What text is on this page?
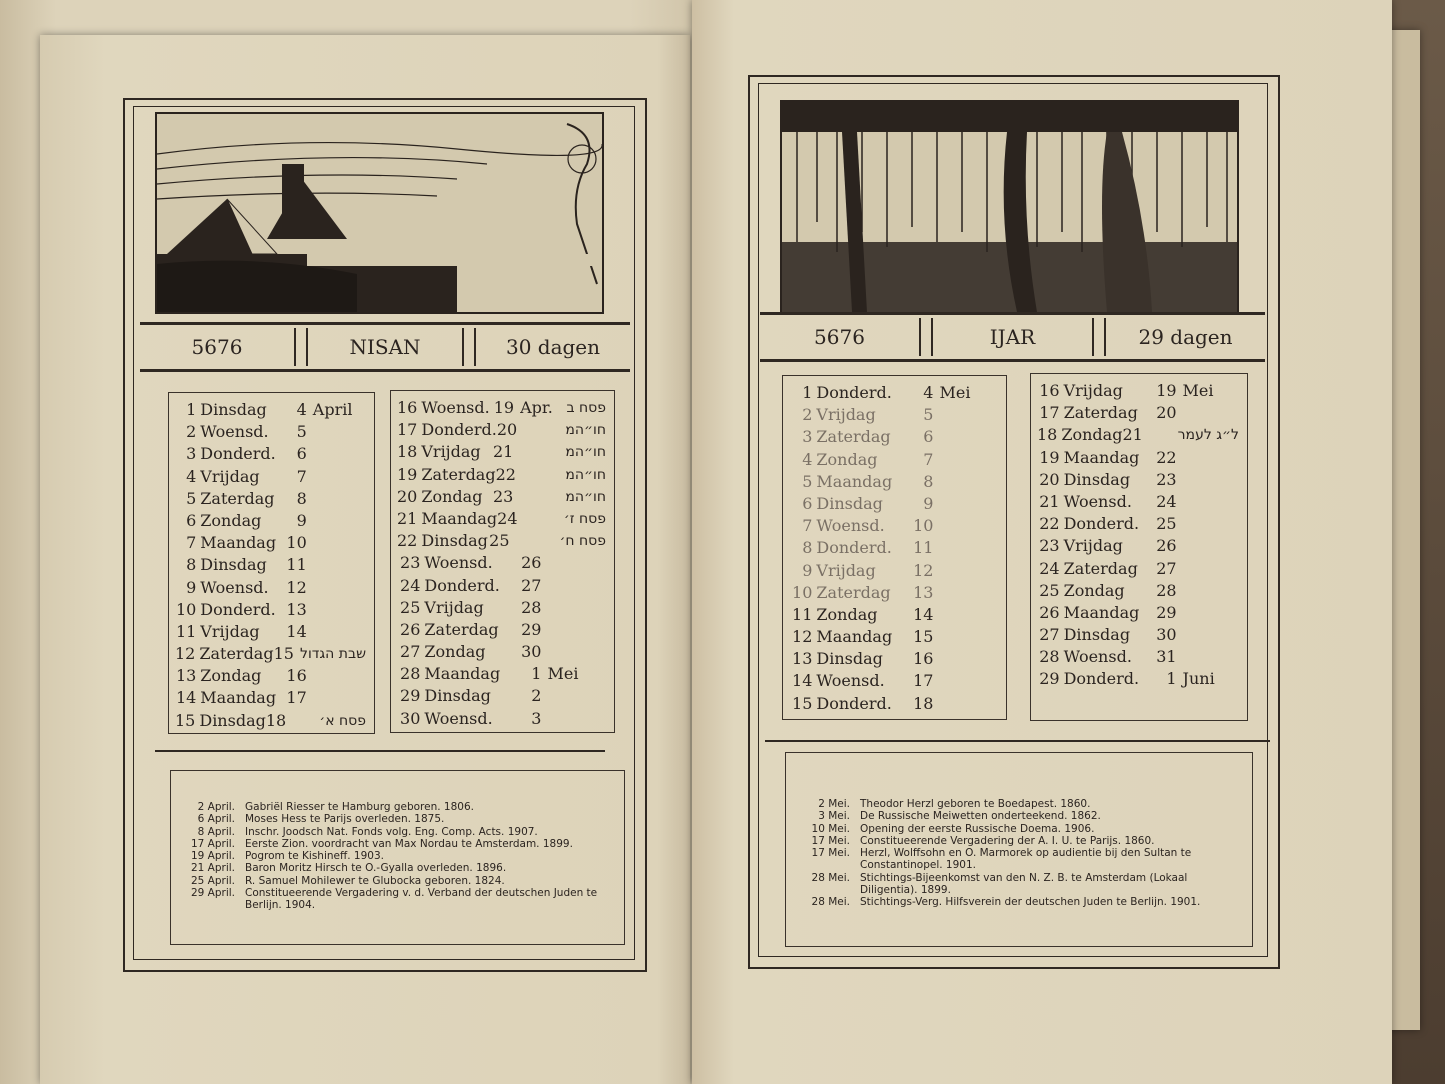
5676	NISAN	30 dagen
1 Dinsdag	4 April
2 Woensd.	5
3 Donderd.	6
4 Vrijdag	7
5 Zaterdag	8
6 Zondag	9
7 Maandag 10
8 Dinsdag	11
9 Woensd.	12
10 Donderd. 13
11 Vrijdag	14
12 Zaterdag 15 שבת הגדול
13 Zondag	16
14 Maandag 17
15 Dinsdag 18 פסח א׳
16 Woensd. 19 Apr. פסח ב
17 Donderd. 20	חו״המ
18 Vrijdag 21	חו״המ
19 Zaterdag 22	חו״המ
20 Zondag 23	חו״המ
21 Maandag 24	פסח ז׳
22 Dinsdag 25	פסח ח׳
23 Woensd.	26
24 Donderd.	27
25 Vrijdag	28
26 Zaterdag	29
27 Zondag	30
28 Maandag	1 Mei
29 Dinsdag	2
30 Woensd.	3
2 April. Gabriël Riesser te Hamburg geboren. 1806.
6 April. Moses Hess te Parijs overleden. 1875.
8 April. Inschr. Joodsch Nat. Fonds volg. Eng. Comp. Acts. 1907.
17 April. Eerste Zion. voordracht van Max Nordau te Amsterdam. 1899.
19 April. Pogrom te Kishineff. 1903.
21 April. Baron Moritz Hirsch te O.-Gyalla overleden. 1896.
25 April. R. Samuel Mohilewer te Glubocka geboren. 1824.
29 April. Constitueerende Vergadering v. d. Verband der deutschen Juden te Berlijn. 1904.
5676	IJAR	29 dagen
1 Donderd.	4 Mei
2 Vrijdag	5
3 Zaterdag	6
4 Zondag	7
5 Maandag	8
6 Dinsdag	9
7 Woensd.	10
8 Donderd.	11
9 Vrijdag	12
10 Zaterdag	13
11 Zondag	14
12 Maandag	15
13 Dinsdag	16
14 Woensd.	17
15 Donderd.	18
16 Vrijdag	19 Mei
17 Zaterdag	20
18 Zondag 21 ל״ג לעמר
19 Maandag	22
20 Dinsdag	23
21 Woensd.	24
22 Donderd.	25
23 Vrijdag	26
24 Zaterdag	27
25 Zondag	28
26 Maandag	29
27 Dinsdag	30
28 Woensd.	31
29 Donderd.	1 Juni
2 Mei. Theodor Herzl geboren te Boedapest. 1860.
3 Mei. De Russische Meiwetten onderteekend. 1862.
10 Mei. Opening der eerste Russische Doema. 1906.
17 Mei. Constitueerende Vergadering der A. I. U. te Parijs. 1860.
17 Mei. Herzl, Wolffsohn en O. Marmorek op audientie bij den Sultan te Constantinopel. 1901.
28 Mei. Stichtings-Bijeenkomst van den N. Z. B. te Amsterdam (Lokaal Diligentia). 1899.
28 Mei. Stichtings-Verg. Hilfsverein der deutschen Juden te Berlijn. 1901.
